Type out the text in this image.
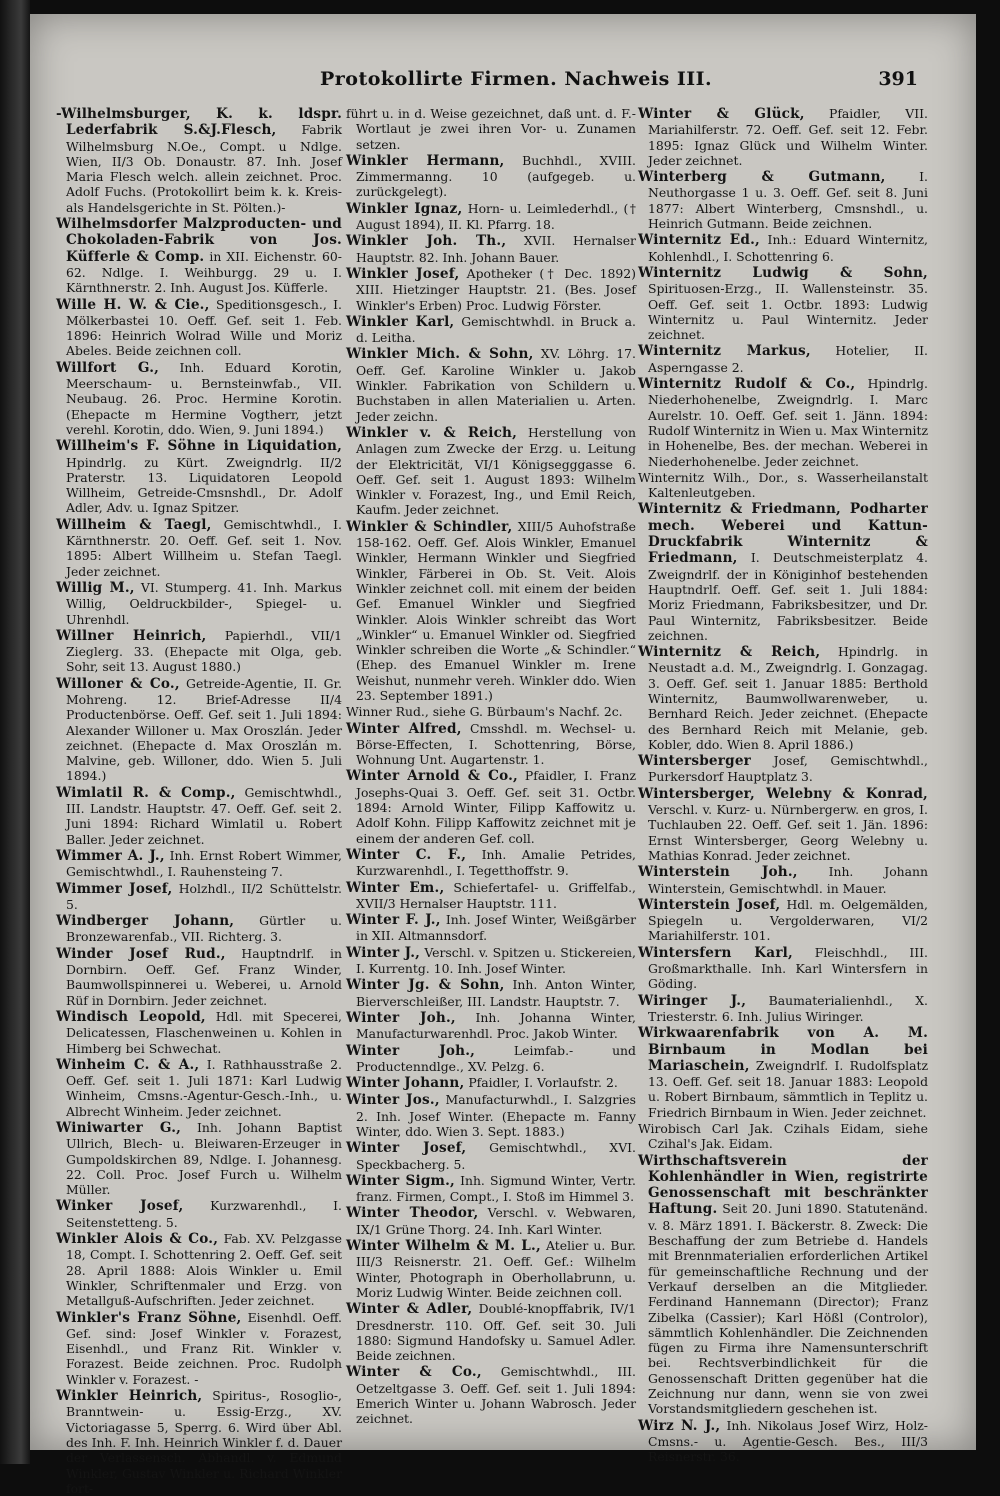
Protokollirte Firmen. Nachweis III.	391

-Wilhelmsburger, K. k. ldspr. Lederfabrik S.&J.Flesch, Fabrik Wilhelmsburg N.Oe., Compt. u Ndlge. Wien, II/3 Ob. Donaustr. 87. Inh. Josef Maria Flesch welch. allein zeichnet. Proc. Adolf Fuchs. (Protokollirt beim k. k. Kreis- als Handelsgerichte in St. Pölten.)-

Wilhelmsdorfer Malzproducten- und Chokoladen-Fabrik von Jos. Küfferle & Comp. in XII. Eichenstr. 60-62. Ndlge. I. Weihburgg. 29 u. I. Kärnthnerstr. 2. Inh. August Jos. Küfferle.

Wille H. W. & Cie., Speditionsgesch., I. Mölkerbastei 10. Oeff. Gef. seit 1. Feb. 1896: Heinrich Wolrad Wille und Moriz Abeles. Beide zeichnen coll.

Willfort G., Inh. Eduard Korotin, Meerschaum- u. Bernsteinwfab., VII. Neubaug. 26. Proc. Hermine Korotin. (Ehepacte m Hermine Vogtherr, jetzt verehl. Korotin, ddo. Wien, 9. Juni 1894.)

Willheim's F. Söhne in Liquidation, Hpindrlg. zu Kürt. Zweigndrlg. II/2 Praterstr. 13. Liquidatoren Leopold Willheim, Getreide-Cmsnshdl., Dr. Adolf Adler, Adv. u. Ignaz Spitzer.

Willheim & Taegl, Gemischtwhdl., I. Kärnthnerstr. 20. Oeff. Gef. seit 1. Nov. 1895: Albert Willheim u. Stefan Taegl. Jeder zeichnet.

Willig M., VI. Stumperg. 41. Inh. Markus Willig, Oeldruckbilder-, Spiegel- u. Uhrenhdl.

Willner Heinrich, Papierhdl., VII/1 Zieglerg. 33. (Ehepacte mit Olga, geb. Sohr, seit 13. August 1880.)

Willoner & Co., Getreide-Agentie, II. Gr. Mohreng. 12. Brief-Adresse II/4 Productenbörse. Oeff. Gef. seit 1. Juli 1894: Alexander Willoner u. Max Oroszlán. Jeder zeichnet. (Ehepacte d. Max Oroszlán m. Malvine, geb. Willoner, ddo. Wien 5. Juli 1894.)

Wimlatil R. & Comp., Gemischtwhdl., III. Landstr. Hauptstr. 47. Oeff. Gef. seit 2. Juni 1894: Richard Wimlatil u. Robert Baller. Jeder zeichnet.

Wimmer A. J., Inh. Ernst Robert Wimmer, Gemischtwhdl., I. Rauhensteing 7.

Wimmer Josef, Holzhdl., II/2 Schüttelstr. 5.

Windberger Johann, Gürtler u. Bronzewarenfab., VII. Richterg. 3.

Winder Josef Rud., Hauptndrlf. in Dornbirn. Oeff. Gef. Franz Winder, Baumwollspinnerei u. Weberei, u. Arnold Rüf in Dornbirn. Jeder zeichnet.

Windisch Leopold, Hdl. mit Specerei, Delicatessen, Flaschenweinen u. Kohlen in Himberg bei Schwechat.

Winheim C. & A., I. Rathhausstraße 2. Oeff. Gef. seit 1. Juli 1871: Karl Ludwig Winheim, Cmsns.-Agentur-Gesch.-Inh., u. Albrecht Winheim. Jeder zeichnet.

Winiwarter G., Inh. Johann Baptist Ullrich, Blech- u. Bleiwaren-Erzeuger in Gumpoldskirchen 89, Ndlge. I. Johannesg. 22. Coll. Proc. Josef Furch u. Wilhelm Müller.

Winker Josef, Kurzwarenhdl., I. Seitenstetteng. 5.

Winkler Alois & Co., Fab. XV. Pelzgasse 18, Compt. I. Schottenring 2. Oeff. Gef. seit 28. April 1888: Alois Winkler u. Emil Winkler, Schriftenmaler und Erzg. von Metallguß-Aufschriften. Jeder zeichnet.

Winkler's Franz Söhne, Eisenhdl. Oeff. Gef. sind: Josef Winkler v. Forazest, Eisenhdl., und Franz Rit. Winkler v. Forazest. Beide zeichnen. Proc. Rudolph Winkler v. Forazest. -

Winkler Heinrich, Spiritus-, Rosoglio-, Branntwein- u. Essig-Erzg., XV. Victoriagasse 5, Sperrg. 6. Wird über Abl. des Inh. F. Inh. Heinrich Winkler f. d. Dauer der Verlassensch. Abhandl. v. Edmund Winkler, Gustav Winkler u. Richard Winkler fort-

führt u. in d. Weise gezeichnet, daß unt. d. F.-Wortlaut je zwei ihren Vor- u. Zunamen setzen.

Winkler Hermann, Buchhdl., XVIII. Zimmermanng. 10 (aufgegeb. u. zurückgelegt).

Winkler Ignaz, Horn- u. Leimlederhdl., († August 1894), II. Kl. Pfarrg. 18.

Winkler Joh. Th., XVII. Hernalser Hauptstr. 82. Inh. Johann Bauer.

Winkler Josef, Apotheker († Dec. 1892) XIII. Hietzinger Hauptstr. 21. (Bes. Josef Winkler's Erben) Proc. Ludwig Förster.

Winkler Karl, Gemischtwhdl. in Bruck a. d. Leitha.

Winkler Mich. & Sohn, XV. Löhrg. 17. Oeff. Gef. Karoline Winkler u. Jakob Winkler. Fabrikation von Schildern u. Buchstaben in allen Materialien u. Arten. Jeder zeichn.

Winkler v. & Reich, Herstellung von Anlagen zum Zwecke der Erzg. u. Leitung der Elektricität, VI/1 Königsegggasse 6. Oeff. Gef. seit 1. August 1893: Wilhelm Winkler v. Forazest, Ing., und Emil Reich, Kaufm. Jeder zeichnet.

Winkler & Schindler, XIII/5 Auhofstraße 158-162. Oeff. Gef. Alois Winkler, Emanuel Winkler, Hermann Winkler und Siegfried Winkler, Färberei in Ob. St. Veit. Alois Winkler zeichnet coll. mit einem der beiden Gef. Emanuel Winkler und Siegfried Winkler. Alois Winkler schreibt das Wort „Winkler“ u. Emanuel Winkler od. Siegfried Winkler schreiben die Worte „& Schindler.“ (Ehep. des Emanuel Winkler m. Irene Weishut, nunmehr vereh. Winkler ddo. Wien 23. September 1891.)

Winner Rud., siehe G. Bürbaum's Nachf. 2c.

Winter Alfred, Cmsshdl. m. Wechsel- u. Börse-Effecten, I. Schottenring, Börse, Wohnung Unt. Augartenstr. 1.

Winter Arnold & Co., Pfaidler, I. Franz Josephs-Quai 3. Oeff. Gef. seit 31. Octbr. 1894: Arnold Winter, Filipp Kaffowitz u. Adolf Kohn. Filipp Kaffowitz zeichnet mit je einem der anderen Gef. coll.

Winter C. F., Inh. Amalie Petrides, Kurzwarenhdl., I. Tegetthoffstr. 9.

Winter Em., Schiefertafel- u. Griffelfab., XVII/3 Hernalser Hauptstr. 111.

Winter F. J., Inh. Josef Winter, Weißgärber in XII. Altmannsdorf.

Winter J., Verschl. v. Spitzen u. Stickereien, I. Kurrentg. 10. Inh. Josef Winter.

Winter Jg. & Sohn, Inh. Anton Winter, Bierverschleißer, III. Landstr. Hauptstr. 7.

Winter Joh., Inh. Johanna Winter, Manufacturwarenhdl. Proc. Jakob Winter.

Winter Joh.,	Leimfab.- und Productenndlge., XV. Pelzg. 6.

Winter Johann, Pfaidler, I. Vorlaufstr. 2.

Winter Jos., Manufacturwhdl., I. Salzgries 2. Inh. Josef Winter. (Ehepacte m. Fanny Winter, ddo. Wien 3. Sept. 1883.)

Winter Josef, Gemischtwhdl., XVI. Speckbacherg. 5.

Winter Sigm., Inh. Sigmund Winter, Vertr. franz. Firmen, Compt., I. Stoß im Himmel 3.

Winter Theodor, Verschl. v. Webwaren, IX/1 Grüne Thorg. 24. Inh. Karl Winter.

Winter Wilhelm & M. L., Atelier u. Bur. III/3 Reisnerstr. 21. Oeff. Gef.: Wilhelm Winter, Photograph in Oberhollabrunn, u. Moriz Ludwig Winter. Beide zeichnen coll.

Winter & Adler, Doublé-knopffabrik, IV/1 Dresdnerstr. 110. Off. Gef. seit 30. Juli 1880: Sigmund Handofsky u. Samuel Adler. Beide zeichnen.

Winter & Co., Gemischtwhdl., III. Oetzeltgasse 3. Oeff. Gef. seit 1. Juli 1894: Emerich Winter u. Johann Wabrosch. Jeder zeichnet.

Winter & Glück, Pfaidler, VII. Mariahilferstr. 72. Oeff. Gef. seit 12. Febr. 1895: Ignaz Glück und Wilhelm Winter. Jeder zeichnet.

Winterberg & Gutmann,	I. Neuthorgasse 1 u. 3. Oeff. Gef. seit 8. Juni 1877: Albert Winterberg, Cmsnshdl., u. Heinrich Gutmann. Beide zeichnen.

Winternitz Ed., Inh.: Eduard Winternitz, Kohlenhdl., I. Schottenring 6.

Winternitz Ludwig & Sohn, Spirituosen-Erzg., II. Wallensteinstr. 35. Oeff. Gef. seit 1. Octbr. 1893: Ludwig Winternitz u. Paul Winternitz. Jeder zeichnet.

Winternitz Markus, Hotelier, II. Asperngasse 2.

Winternitz Rudolf & Co., Hpindrlg. Niederhohenelbe, Zweigndrlg. I. Marc Aurelstr. 10. Oeff. Gef. seit 1. Jänn. 1894: Rudolf Winternitz in Wien u. Max Winternitz in Hohenelbe, Bes. der mechan. Weberei in Niederhohenelbe. Jeder zeichnet.

Winternitz Wilh., Dor., s. Wasserheilanstalt Kaltenleutgeben.

Winternitz & Friedmann, Podharter mech. Weberei und Kattun-Druckfabrik Winternitz & Friedmann, I. Deutschmeisterplatz 4. Zweigndrlf. der in Königinhof bestehenden Hauptndrlf. Oeff. Gef. seit 1. Juli 1884: Moriz Friedmann, Fabriksbesitzer, und Dr. Paul Winternitz, Fabriksbesitzer. Beide zeichnen.

Winternitz & Reich, Hpindrlg. in Neustadt a.d. M., Zweigndrlg. I. Gonzagag. 3. Oeff. Gef. seit 1. Januar 1885: Berthold Winternitz, Baumwollwarenweber, u. Bernhard Reich. Jeder zeichnet. (Ehepacte des Bernhard Reich mit Melanie, geb. Kobler, ddo. Wien 8. April 1886.)

Wintersberger Josef, Gemischtwhdl., Purkersdorf Hauptplatz 3.

Wintersberger, Welebny & Konrad, Verschl. v. Kurz- u. Nürnbergerw. en gros, I. Tuchlauben 22. Oeff. Gef. seit 1. Jän. 1896: Ernst Wintersberger, Georg Welebny u. Mathias Konrad. Jeder zeichnet.

Winterstein Joh., Inh. Johann Winterstein, Gemischtwhdl. in Mauer.

Winterstein Josef, Hdl. m. Oelgemälden, Spiegeln u. Vergolderwaren, VI/2 Mariahilferstr. 101.

Wintersfern Karl, Fleischhdl., III. Großmarkthalle. Inh. Karl Wintersfern in Göding.

Wiringer J., Baumaterialienhdl., X. Triesterstr. 6. Inh. Julius Wiringer.

Wirkwaarenfabrik von A. M. Birnbaum in Modlan bei Mariaschein, Zweigndrlf. I. Rudolfsplatz 13. Oeff. Gef. seit 18. Januar 1883: Leopold u. Robert Birnbaum, sämmtlich in Teplitz u. Friedrich Birnbaum in Wien. Jeder zeichnet.

Wirobisch Carl Jak. Czihals Eidam, siehe Czihal's Jak. Eidam.

Wirthschaftsverein der Kohlenhändler in Wien, registrirte Genossenschaft mit beschränkter Haftung. Seit 20. Juni 1890. Statutenänd. v. 8. März 1891. I. Bäckerstr. 8. Zweck: Die Beschaffung der zum Betriebe d. Handels mit Brennmaterialien erforderlichen Artikel für gemeinschaftliche Rechnung und der Verkauf derselben an die Mitglieder. Ferdinand Hannemann (Director); Franz Zibelka (Cassier); Karl Hößl (Controlor), sämmtlich Kohlenhändler. Die Zeichnenden fügen zu Firma ihre Namensunterschrift bei. Rechtsverbindlichkeit für die Genossenschaft Dritten gegenüber hat die Zeichnung nur dann, wenn sie von zwei Vorstandsmitgliedern geschehen ist.

Wirz N. J., Inh. Nikolaus Josef Wirz, Holz-Cmsns.- u. Agentie-Gesch. Bes., III/3 Reisnerstr. 36.
